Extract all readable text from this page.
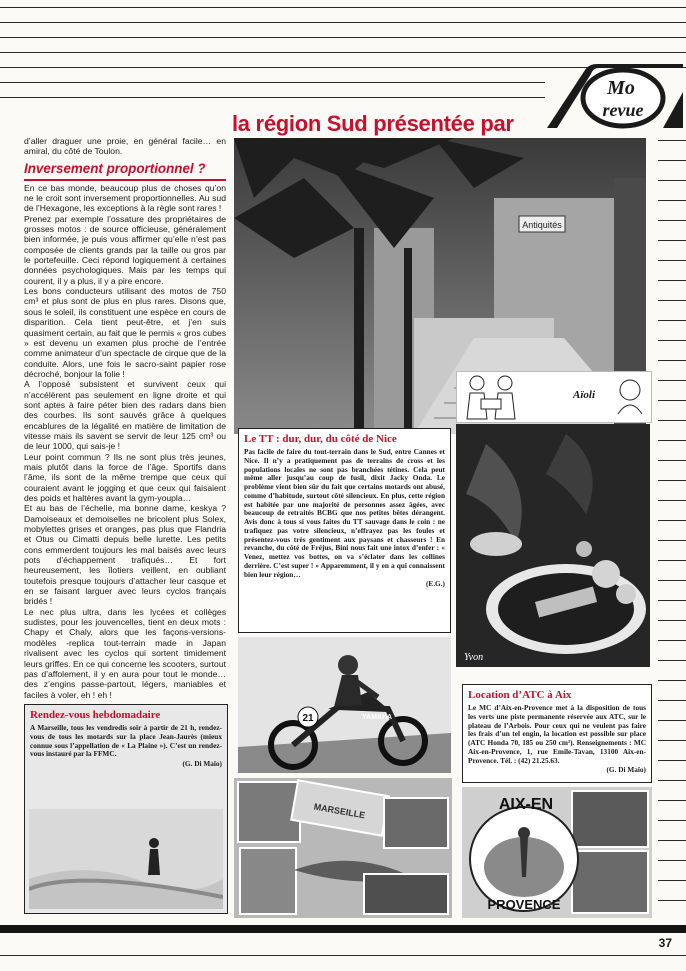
la région Sud présentée par
Mo
revue

d’aller draguer une proie, en général facile… en amiral, du côté de Toulon.

Inversement proportionnel ?

En ce bas monde, beaucoup plus de choses qu’on ne le croit sont inversement proportionnelles. Au sud de l’Hexagone, les exceptions à la règle sont rares !

Prenez par exemple l’ossature des propriétaires de grosses motos : de source officieuse, généralement bien informée, je puis vous affirmer qu’elle n’est pas composée de clients grands par la taille ou gros par le portefeuille. Ceci répond logiquement à certaines données psychologiques. Mais par les temps qui courent, il y a plus, il y a pire encore.

Les bons conducteurs utilisant des motos de 750 cm³ et plus sont de plus en plus rares. Disons que, sous le soleil, ils constituent une espèce en cours de disparition. Cela tient peut-être, et j’en suis quasiment certain, au fait que le permis « gros cubes » est devenu un examen plus proche de l’entrée comme animateur d’un spectacle de cirque que de la conduite. Alors, une fois le sacro-saint papier rose décroché, bonjour la folie !

A l’opposé subsistent et survivent ceux qui n’accélèrent pas seulement en ligne droite et qui sont aptes à faire péter bien des radars dans bien des courbes. Ils sont sauvés grâce à quelques encablures de la légalité en matière de limitation de vitesse mais ils savent se servir de leur 125 cm³ ou de leur 1000, qui sais-je !

Leur point commun ? Ils ne sont plus très jeunes, mais plutôt dans la force de l’âge. Sportifs dans l’âme, ils sont de la même trempe que ceux qui couraient avant le jogging et que ceux qui faisaient des poids et haltères avant la gym-youpla…

Et au bas de l’échelle, ma bonne dame, keskya ? Damoiseaux et demoiselles ne bricolent plus Solex, mobylettes grises et oranges, pas plus que Flandria et Otus ou Cimatti depuis belle lurette. Les petits cons emmerdent toujours les mal baisés avec leurs pots d’échappement trafiqués… Et fort heureusement, les îlotiers veillent, en oubliant toutefois presque toujours d’attacher leur casque et en se faisant larguer avec leurs cyclos français bridés !

Le nec plus ultra, dans les lycées et collèges sudistes, pour les jouvencelles, tient en deux mots : Chapy et Chaly, alors que les façons-versions-modèles -replica tout-terrain made in Japan rivalisent avec les cyclos qui sortent timidement leurs griffes. En ce qui concerne les scooters, surtout pas d’affolement, il y en aura pour tout le monde… des z’engins passe-partout, légers, maniables et faciles à voler, eh ! eh !

Antiquités
Aïoli
Yvon
Le TT : dur, dur, du côté de Nice

Pas facile de faire du tout-terrain dans le Sud, entre Cannes et Nice. Il n’y a pratiquement pas de terrains de cross et les populations locales ne sont pas branchées tétines. Cela peut même aller jusqu’au coup de fusil, dixit Jacky Onda. Le problème vient bien sûr du fait que certains motards ont abusé, comme d’habitude, surtout côté silencieux. En plus, cette région est habitée par une majorité de personnes assez âgées, avec beaucoup de retraités BCBG que nos petites bêtes dérangent. Avis donc à tous si vous faites du TT sauvage dans le coin : ne trafiquez pas votre silencieux, n’effrayez pas les foules et présentez-vous très gentiment aux paysans et chasseurs ! En revanche, du côté de Fréjus, Bini nous fait une intox d’enfer : « Venez, mettez vos bottes, on va s’éclater dans les collines derrière. C’est super ! » Apparemment, il y en a qui connaissent bien leur région…

(E.G.)
21	YAMAHA
Rendez-vous hebdomadaire

A Marseille, tous les vendredis soir à partir de 21 h, rendez-vous de tous les motards sur la place Jean-Jaurès (mieux connue sous l’appellation de « La Plaine »). C’est un rendez-vous instauré par la FFMC.

(G. Di Maïo)
MARSEILLE
Location d’ATC à Aix

Le MC d’Aix-en-Provence met à la disposition de tous les verts une piste permanente réservée aux ATC, sur le plateau de l’Arbois. Pour ceux qui ne veulent pas faire les frais d’un tel engin, la location est possible sur place (ATC Honda 70, 185 ou 250 cm³). Renseignements : MC Aix-en-Provence, 1, rue Emile-Tavan, 13100 Aix-en-Provence. Tél. : (42) 21.25.63.

(G. Di Maïo)
AIX-EN
PROVENCE
37
